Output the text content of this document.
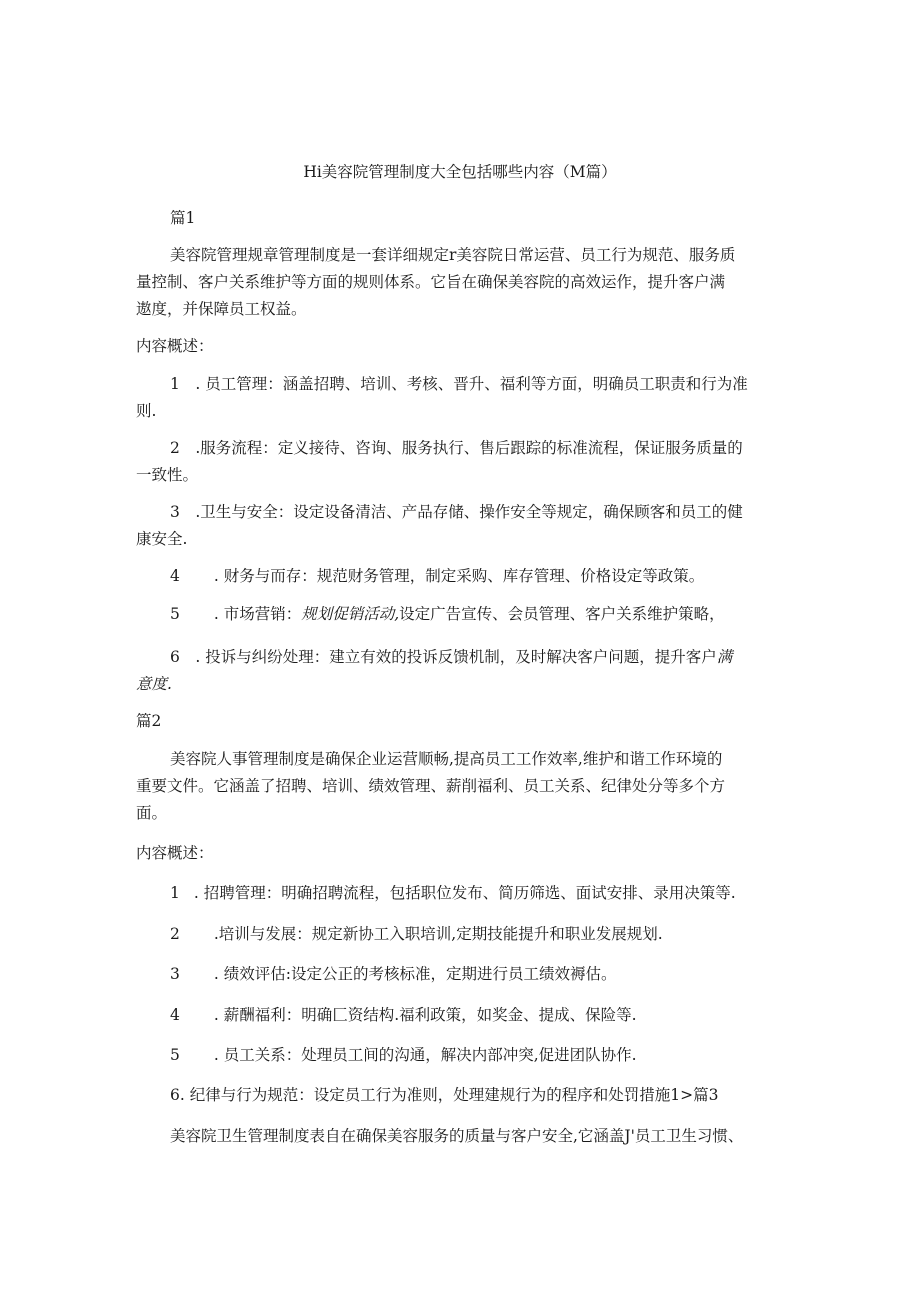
Hi美容院管理制度大全包括哪些内容（M篇）
篇1
美容院管理规章管理制度是一套详细规定r美容院日常运营、员工行为规范、服务质
量控制、客户关系维护等方面的规则体系。它旨在确保美容院的高效运作，提升客户满
遨度，并保障员工权益。
内容概述：
1　. 员工管理：涵盖招聘、培训、考核、晋升、福利等方面，明确员工职责和行为准
则.
2　.服务流程：定义接待、咨询、服务执行、售后跟踪的标准流程，保证服务质量的
一致性。
3　.卫生与安全：设定设备清洁、产品存储、操作安全等规定，确保顾客和员工的健
康安全.
4 . 财务与而存：规范财务管理，制定采购、库存管理、价格设定等政策。
5 . 市场营销：规划促销活动,设定广告宣传、会员管理、客户关系维护策略，
6　. 投诉与纠纷处理：建立有效的投诉反馈机制，及时解决客户问题，提升客户满
意度.
篇2
美容院人事管理制度是确保企业运营顺畅,提高员工工作效率,维护和谐工作环境的
重要文件。它涵盖了招聘、培训、绩效管理、薪削福利、员工关系、纪律处分等多个方
面。
内容概述：
1 . 招聘管理：明确招聘流程，包括职位发布、简历筛选、面试安排、录用决策等.
2 .培训与发展：规定新协工入职培训,定期技能提升和职业发展规划.
3 . 绩效评估:设定公正的考核标准，定期进行员工绩效褥估。
4 . 薪酬福利：明确匚资结构.福利政策，如奖金、提成、保险等.
5 . 员工关系：处理员工间的沟通，解决内部冲突,促进团队协作.
6. 纪律与行为规范：设定员工行为准则，处理建规行为的程序和处罚措施1>篇3
美容院卫生管理制度表自在确保美容服务的质量与客户安全,它涵盖J'员工卫生习惯、
